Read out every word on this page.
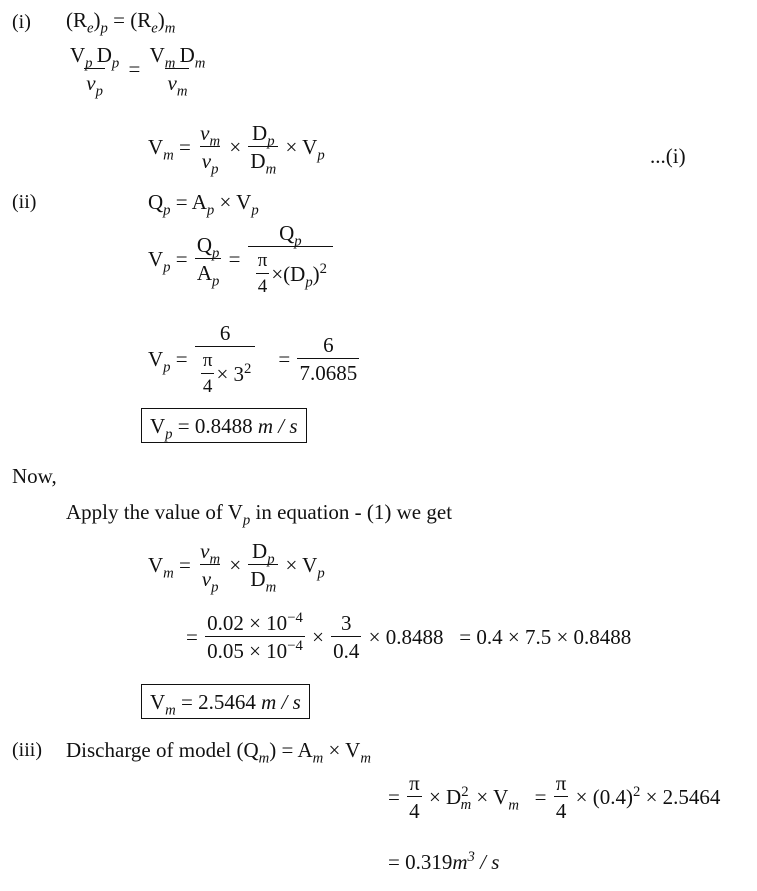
(i) $(R_e)_p = (R_e)_m$
$\frac{V_p D_p}{v_p} = \frac{V_m D_m}{v_m}$
$V_m = \frac{v_m}{v_p} \times \frac{D_p}{D_m} \times V_p$	...(i)
(ii)	$Q_p = A_p \times V_p$
$V_p = \frac{Q_p}{A_p} = \frac{Q_p}{\frac{\pi}{4} \times(D_p)^2}$
$V_p = \frac{6}{\frac{\pi}{4} \times 3^2} = \frac{6}{7.0685}$
$V_p = 0.8488$ m / s
Now,
Apply the value of $V_p$ in equation - (1) we get
$V_m = \frac{v_m}{v_p} \times \frac{D_p}{D_m} \times V_p$
= $\frac{0.02 \times 10^{-4}}{0.05 \times 10^{-4}} \times \frac{3}{0.4} \times 0.8488 = 0.4 \times 7.5 \times 0.8488$
$V_m = 2.5464$ m / s
(iii) Discharge of model $(Q_m) = A_m \times V_m$
= $\frac{\pi}{4} \times D^2_m \times V_m = \frac{\pi}{4} \times (0.4)^2 \times 2.5464$
= $0.319m^3$ / s
